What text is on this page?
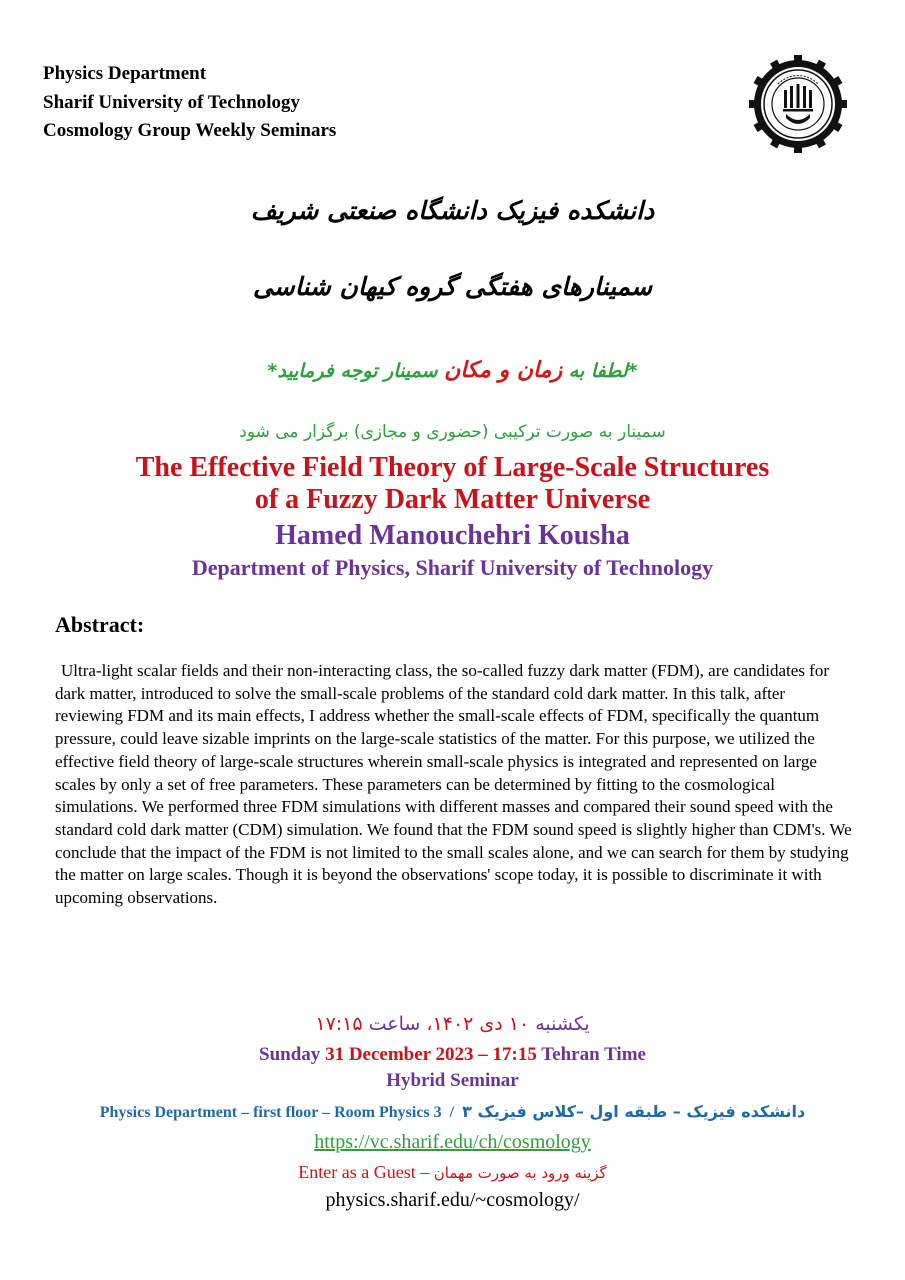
Physics Department
Sharif University of Technology
Cosmology Group Weekly Seminars
دانشکده فیزیک دانشگاه صنعتی شریف
سمینارهای هفتگی گروه کیهان شناسی
*لطفا به زمان و مکان سمینار توجه فرمایید*
سمینار به صورت ترکیبی (حضوری و مجازی) برگزار می شود
The Effective Field Theory of Large-Scale Structures
of a Fuzzy Dark Matter Universe
Hamed Manouchehri Kousha
Department of Physics, Sharif University of Technology
Abstract:
Ultra-light scalar fields and their non-interacting class, the so-called fuzzy dark matter (FDM), are candidates for dark matter, introduced to solve the small-scale problems of the standard cold dark matter. In this talk, after reviewing FDM and its main effects, I address whether the small-scale effects of FDM, specifically the quantum pressure, could leave sizable imprints on the large-scale statistics of the matter. For this purpose, we utilized the effective field theory of large-scale structures wherein small-scale physics is integrated and represented on large scales by only a set of free parameters. These parameters can be determined by fitting to the cosmological simulations. We performed three FDM simulations with different masses and compared their sound speed with the standard cold dark matter (CDM) simulation. We found that the FDM sound speed is slightly higher than CDM's. We conclude that the impact of the FDM is not limited to the small scales alone, and we can search for them by studying the matter on large scales. Though it is beyond the observations' scope today, it is possible to discriminate it with upcoming observations.
یکشنبه ۱۰ دی ۱۴۰۲، ساعت ۱۷:۱۵
Sunday 31 December 2023 – 17:15 Tehran Time
Hybrid Seminar
Physics Department – first floor – Room Physics 3 / دانشکده فیزیک – طبقه اول –کلاس فیزیک ۳
https://vc.sharif.edu/ch/cosmology
Enter as a Guest – گزینه ورود به صورت مهمان
physics.sharif.edu/~cosmology/
